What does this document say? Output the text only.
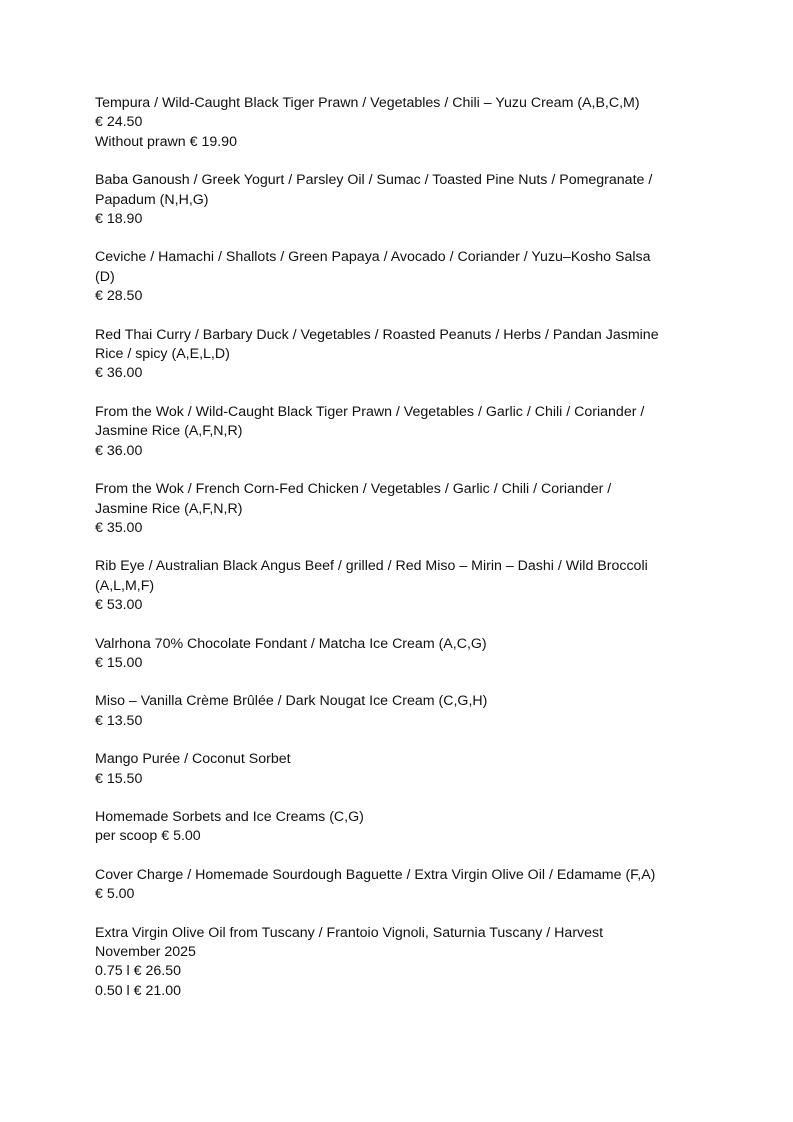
Tempura / Wild-Caught Black Tiger Prawn / Vegetables / Chili – Yuzu Cream (A,B,C,M)
€ 24.50
Without prawn € 19.90
Baba Ganoush / Greek Yogurt / Parsley Oil / Sumac / Toasted Pine Nuts / Pomegranate /
Papadum (N,H,G)
€ 18.90
Ceviche / Hamachi / Shallots / Green Papaya / Avocado / Coriander / Yuzu–Kosho Salsa
(D)
€ 28.50
Red Thai Curry / Barbary Duck / Vegetables / Roasted Peanuts / Herbs / Pandan Jasmine
Rice / spicy (A,E,L,D)
€ 36.00
From the Wok / Wild-Caught Black Tiger Prawn / Vegetables / Garlic / Chili / Coriander /
Jasmine Rice (A,F,N,R)
€ 36.00
From the Wok / French Corn-Fed Chicken / Vegetables / Garlic / Chili / Coriander /
Jasmine Rice (A,F,N,R)
€ 35.00
Rib Eye / Australian Black Angus Beef / grilled / Red Miso – Mirin – Dashi / Wild Broccoli
(A,L,M,F)
€ 53.00
Valrhona 70% Chocolate Fondant / Matcha Ice Cream (A,C,G)
€ 15.00
Miso – Vanilla Crème Brûlée / Dark Nougat Ice Cream (C,G,H)
€ 13.50
Mango Purée / Coconut Sorbet
€ 15.50
Homemade Sorbets and Ice Creams (C,G)
per scoop € 5.00
Cover Charge / Homemade Sourdough Baguette / Extra Virgin Olive Oil / Edamame (F,A)
€ 5.00
Extra Virgin Olive Oil from Tuscany / Frantoio Vignoli, Saturnia Tuscany / Harvest
November 2025
0.75 l € 26.50
0.50 l € 21.00
